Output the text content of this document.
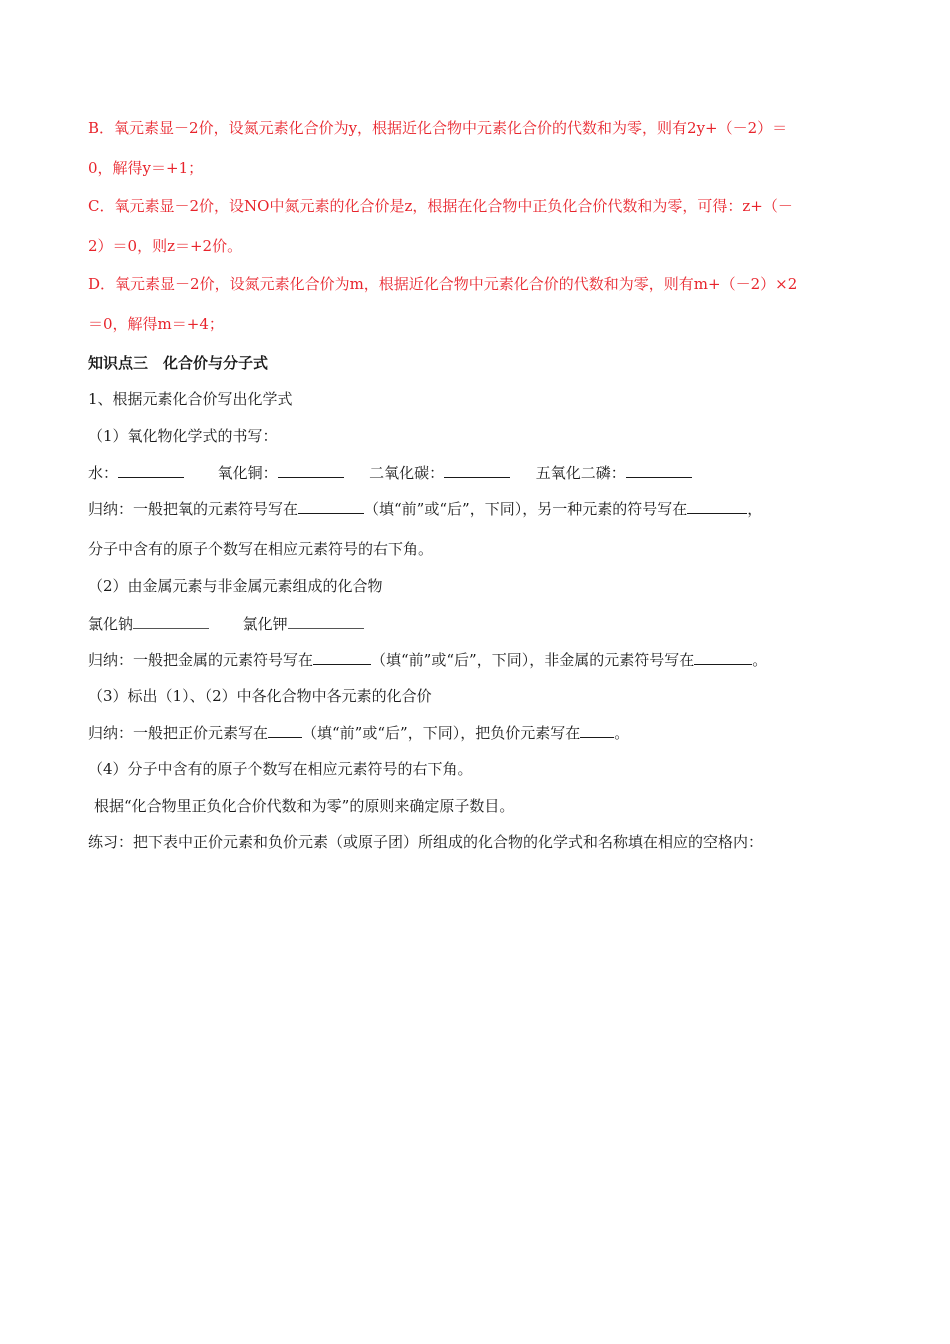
B．氧元素显－2价，设氮元素化合价为y，根据近化合物中元素化合价的代数和为零，则有2y+（－2）＝
0，解得y＝+1；
C．氧元素显－2价，设NO中氮元素的化合价是z，根据在化合物中正负化合价代数和为零，可得：z+（－
2）＝0，则z＝+2价。
D．氧元素显－2价，设氮元素化合价为m，根据近化合物中元素化合价的代数和为零，则有m+（－2）×2
＝0，解得m＝+4；
知识点三　化合价与分子式
1、根据元素化合价写出化学式
（1）氧化物化学式的书写：
水：	氧化铜：	二氧化碳：	五氧化二磷：
归纳：一般把氧的元素符号写在	（填“前”或“后”，下同），另一种元素的符号写在	，
分子中含有的原子个数写在相应元素符号的右下角。
（2）由金属元素与非金属元素组成的化合物
氯化钠	氯化钾
归纳：一般把金属的元素符号写在	（填“前”或“后”，下同），非金属的元素符号写在	。
（3）标出（1）、（2）中各化合物中各元素的化合价
归纳：一般把正价元素写在 （填“前”或“后”，下同），把负价元素写在 。
（4）分子中含有的原子个数写在相应元素符号的右下角。
根据“化合物里正负化合价代数和为零”的原则来确定原子数目。
练习：把下表中正价元素和负价元素（或原子团）所组成的化合物的化学式和名称填在相应的空格内：
